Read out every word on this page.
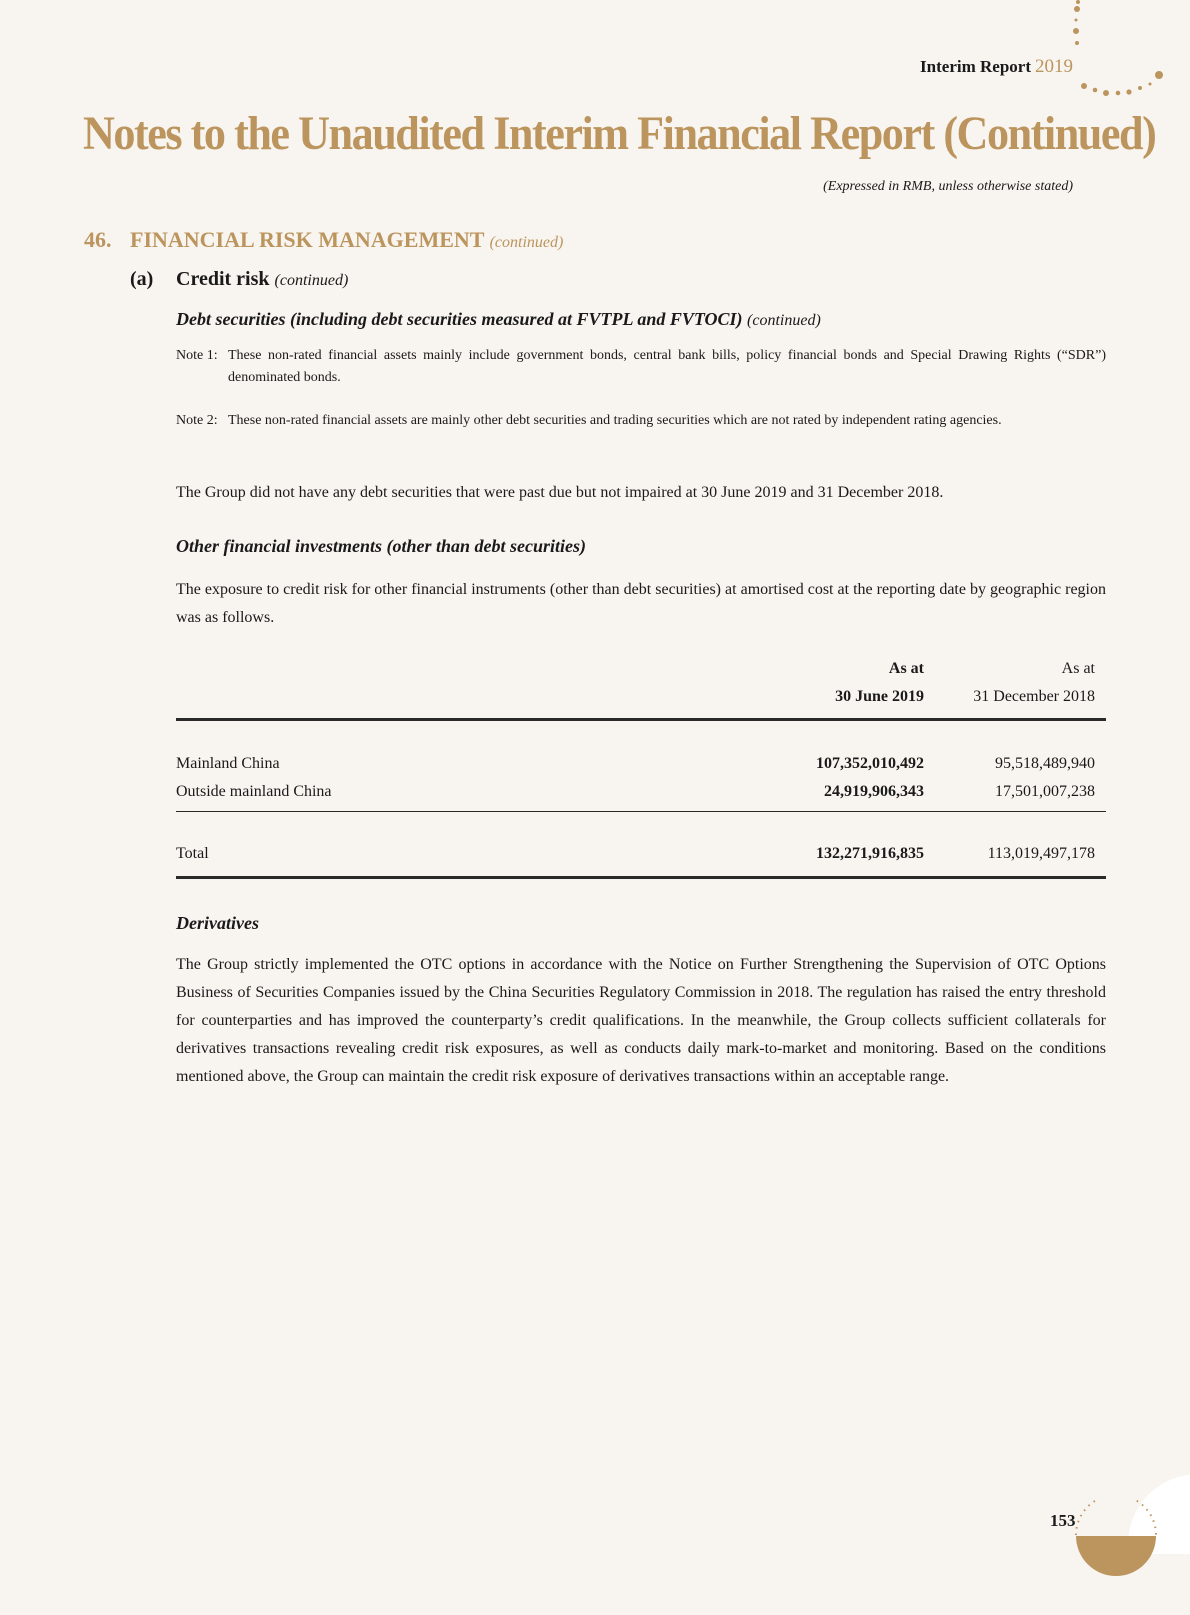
Interim Report 2019
Notes to the Unaudited Interim Financial Report (Continued)
(Expressed in RMB, unless otherwise stated)
46. FINANCIAL RISK MANAGEMENT (continued)
(a) Credit risk (continued)
Debt securities (including debt securities measured at FVTPL and FVTOCI) (continued)
Note 1: These non-rated financial assets mainly include government bonds, central bank bills, policy financial bonds and Special Drawing Rights (“SDR”) denominated bonds.
Note 2: These non-rated financial assets are mainly other debt securities and trading securities which are not rated by independent rating agencies.
The Group did not have any debt securities that were past due but not impaired at 30 June 2019 and 31 December 2018.
Other financial investments (other than debt securities)
The exposure to credit risk for other financial instruments (other than debt securities) at amortised cost at the reporting date by geographic region was as follows.
As at	As at
30 June 2019	31 December 2018
Mainland China	107,352,010,492	95,518,489,940
Outside mainland China	24,919,906,343	17,501,007,238
Total	132,271,916,835	113,019,497,178
Derivatives
The Group strictly implemented the OTC options in accordance with the Notice on Further Strengthening the Supervision of OTC Options Business of Securities Companies issued by the China Securities Regulatory Commission in 2018. The regulation has raised the entry threshold for counterparties and has improved the counterparty’s credit qualifications. In the meanwhile, the Group collects sufficient collaterals for derivatives transactions revealing credit risk exposures, as well as conducts daily mark-to-market and monitoring. Based on the conditions mentioned above, the Group can maintain the credit risk exposure of derivatives transactions within an acceptable range.
153
